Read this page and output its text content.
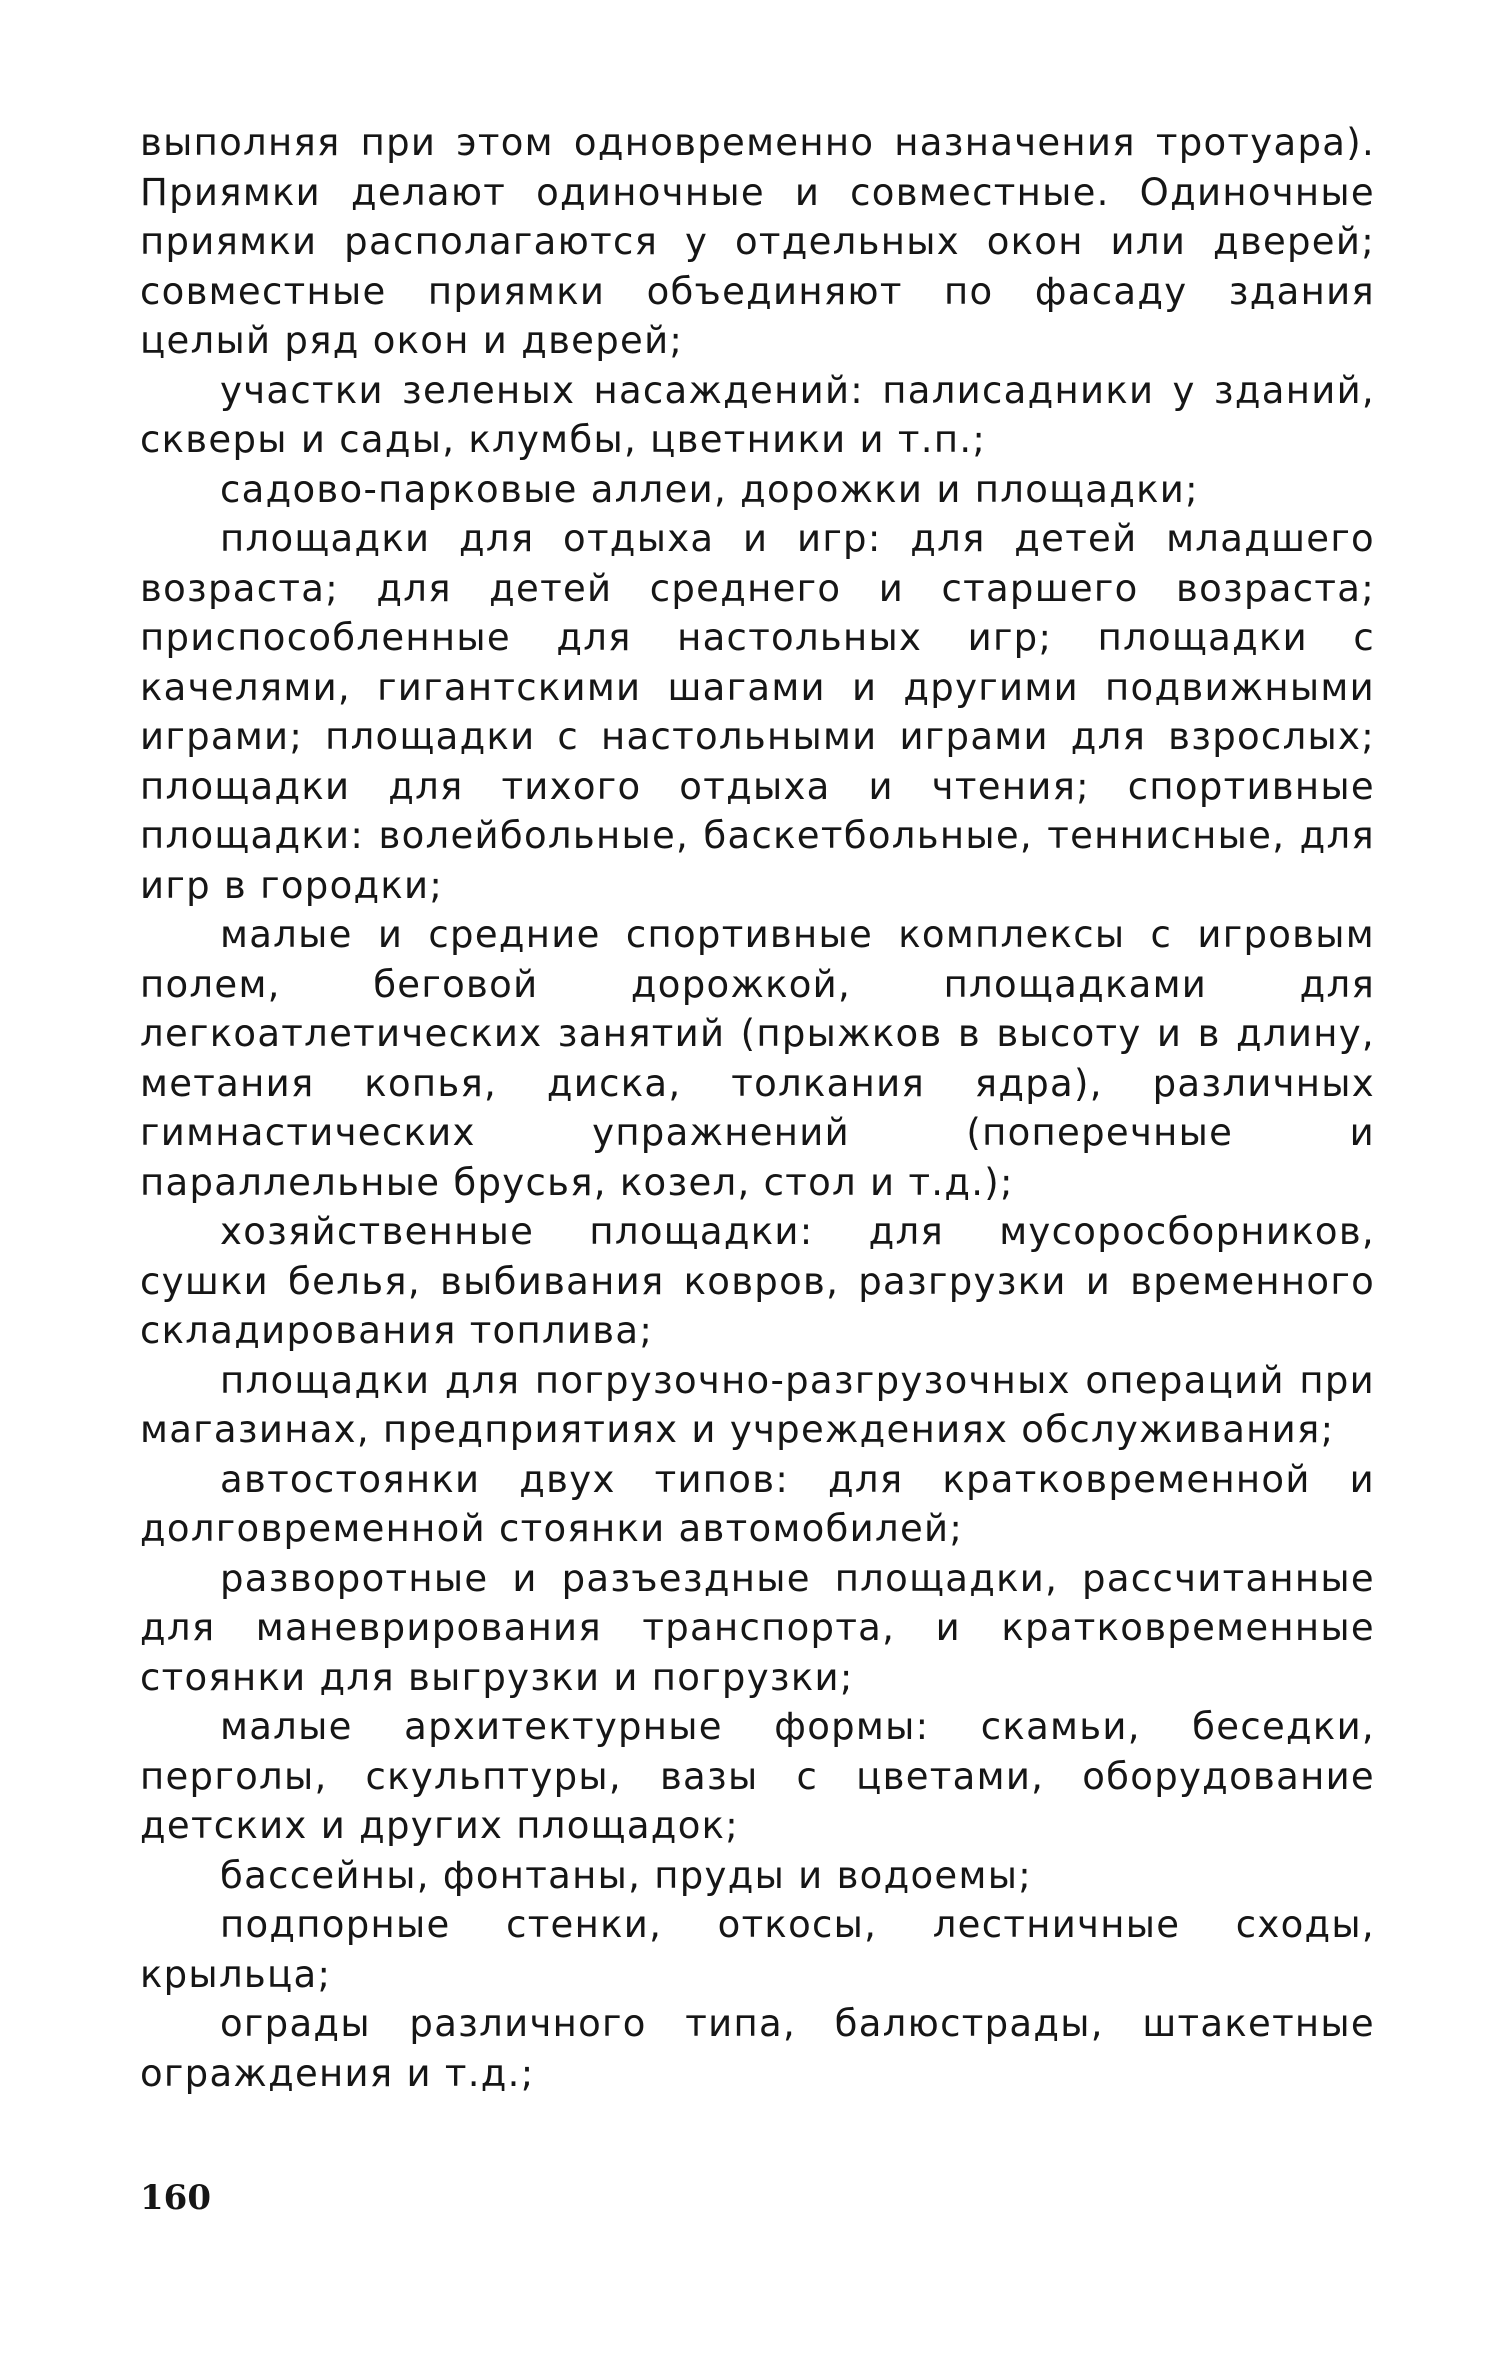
выполняя при этом одновременно назначения тротуара). Приямки делают одиночные и совместные. Одиночные приямки располагаются у отдельных окон или дверей; совместные приямки объединяют по фасаду здания целый ряд окон и дверей;

участки зеленых насаждений: палисадники у зданий, скверы и сады, клумбы, цветники и т.п.;

садово-парковые аллеи, дорожки и площадки;

площадки для отдыха и игр: для детей младшего возраста; для детей среднего и старшего возраста; приспособленные для настольных игр; площадки с качелями, гигантскими шагами и другими подвижными играми; площадки с настольными играми для взрослых; площадки для тихого отдыха и чтения; спортивные площадки: волейбольные, баскетбольные, теннисные, для игр в городки;

малые и средние спортивные комплексы с игровым полем, беговой дорожкой, площадками для легкоатлетических занятий (прыжков в высоту и в длину, метания копья, диска, толкания ядра), различных гимнастических упражнений (поперечные и параллельные брусья, козел, стол и т.д.);

хозяйственные площадки: для мусоросборников, сушки белья, выбивания ковров, разгрузки и временного складирования топлива;

площадки для погрузочно-разгрузочных операций при магазинах, предприятиях и учреждениях обслуживания;

автостоянки двух типов: для кратковременной и долговременной стоянки автомобилей;

разворотные и разъездные площадки, рассчитанные для маневрирования транспорта, и кратковременные стоянки для выгрузки и погрузки;

малые архитектурные формы: скамьи, беседки, перголы, скульптуры, вазы с цветами, оборудование детских и других площадок;

бассейны, фонтаны, пруды и водоемы;

подпорные стенки, откосы, лестничные сходы, крыльца;

ограды различного типа, балюстрады, штакетные ограждения и т.д.;

160
